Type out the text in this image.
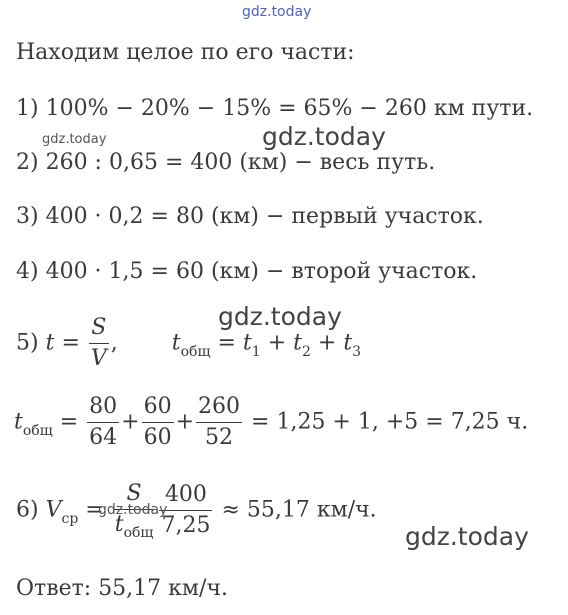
gdz.today
Находим целое по его части:
1) 100% − 20% − 15% = 65% − 260 км пути.
gdz.today	gdz.today
2) 260 : 0,65 = 400 (км) − весь путь.
3) 400 · 0,2 = 80 (км) − первый участок.
4) 400 · 1,5 = 60 (км) − второй участок.
gdz.today
5) $t = \frac{S}{V}$ , $t_{общ} = t_1 + t_2 + t_3$
$t_{общ} = \frac{80}{64} + \frac{60}{60} + \frac{260}{52} = 1,25 + 1$, +5 = 7,25 ч.
6) $V_{ср} = \frac{S}{t_{общ}} \frac{400}{7,25} \approx 55,17$ км/ч.
gdz.today
gdz.today
Ответ: 55,17 км/ч.
